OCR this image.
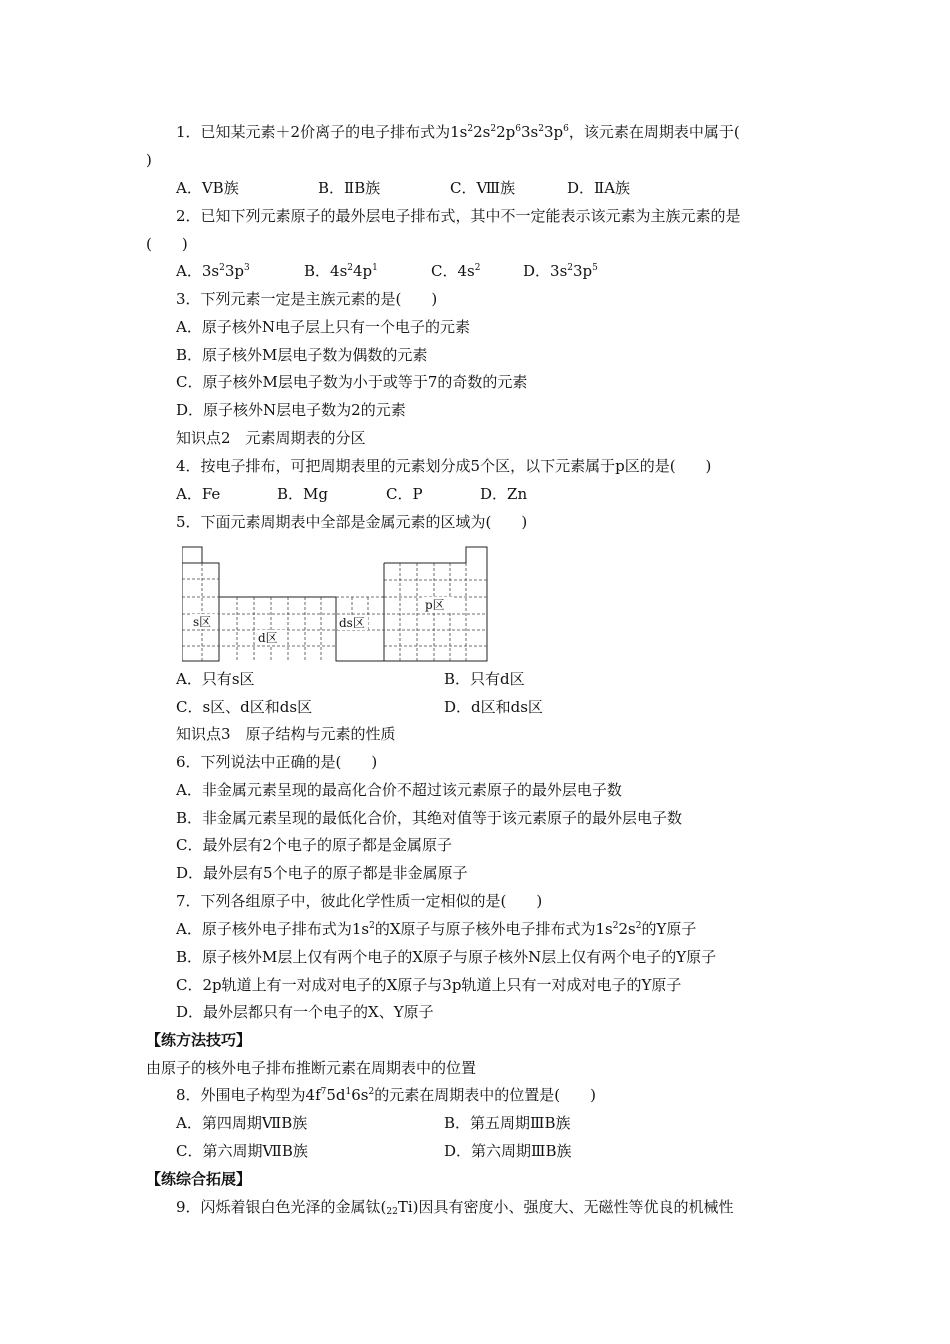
1．已知某元素＋2价离子的电子排布式为$1s^22s^22p^63s^23p^6$，该元素在周期表中属于(
)
A．ⅤB族	B．ⅡB族	C．Ⅷ族	D．ⅡA族
2．已知下列元素原子的最外层电子排布式，其中不一定能表示该元素为主族元素的是
(　　)
A．$3s^23p^3$	B．$4s^24p^1$	C．$4s^2$	D．$3s^23p^5$
3．下列元素一定是主族元素的是(　　)
A．原子核外N电子层上只有一个电子的元素
B．原子核外M层电子数为偶数的元素
C．原子核外M层电子数为小于或等于7的奇数的元素
D．原子核外N层电子数为2的元素
知识点2　元素周期表的分区
4．按电子排布，可把周期表里的元素划分成5个区，以下元素属于p区的是(　　)
A．Fe	B．Mg	C．P	D．Zn
5．下面元素周期表中全部是金属元素的区域为(　　)
s区
d区
ds区
p区
A．只有s区	B．只有d区
C．s区、d区和ds区	D．d区和ds区
知识点3　原子结构与元素的性质
6．下列说法中正确的是(　　)
A．非金属元素呈现的最高化合价不超过该元素原子的最外层电子数
B．非金属元素呈现的最低化合价，其绝对值等于该元素原子的最外层电子数
C．最外层有2个电子的原子都是金属原子
D．最外层有5个电子的原子都是非金属原子
7．下列各组原子中，彼此化学性质一定相似的是(　　)
A．原子核外电子排布式为$1s^2$的X原子与原子核外电子排布式为$1s^22s^2$的Y原子
B．原子核外M层上仅有两个电子的X原子与原子核外N层上仅有两个电子的Y原子
C．2p轨道上有一对成对电子的X原子与3p轨道上只有一对成对电子的Y原子
D．最外层都只有一个电子的X、Y原子
【练方法技巧】
由原子的核外电子排布推断元素在周期表中的位置
8．外围电子构型为$4f^75d^16s^2$的元素在周期表中的位置是(　　)
A．第四周期ⅦB族	B．第五周期ⅢB族
C．第六周期ⅦB族	D．第六周期ⅢB族
【练综合拓展】
9．闪烁着银白色光泽的金属钛$(_{22}Ti)$因具有密度小、强度大、无磁性等优良的机械性
